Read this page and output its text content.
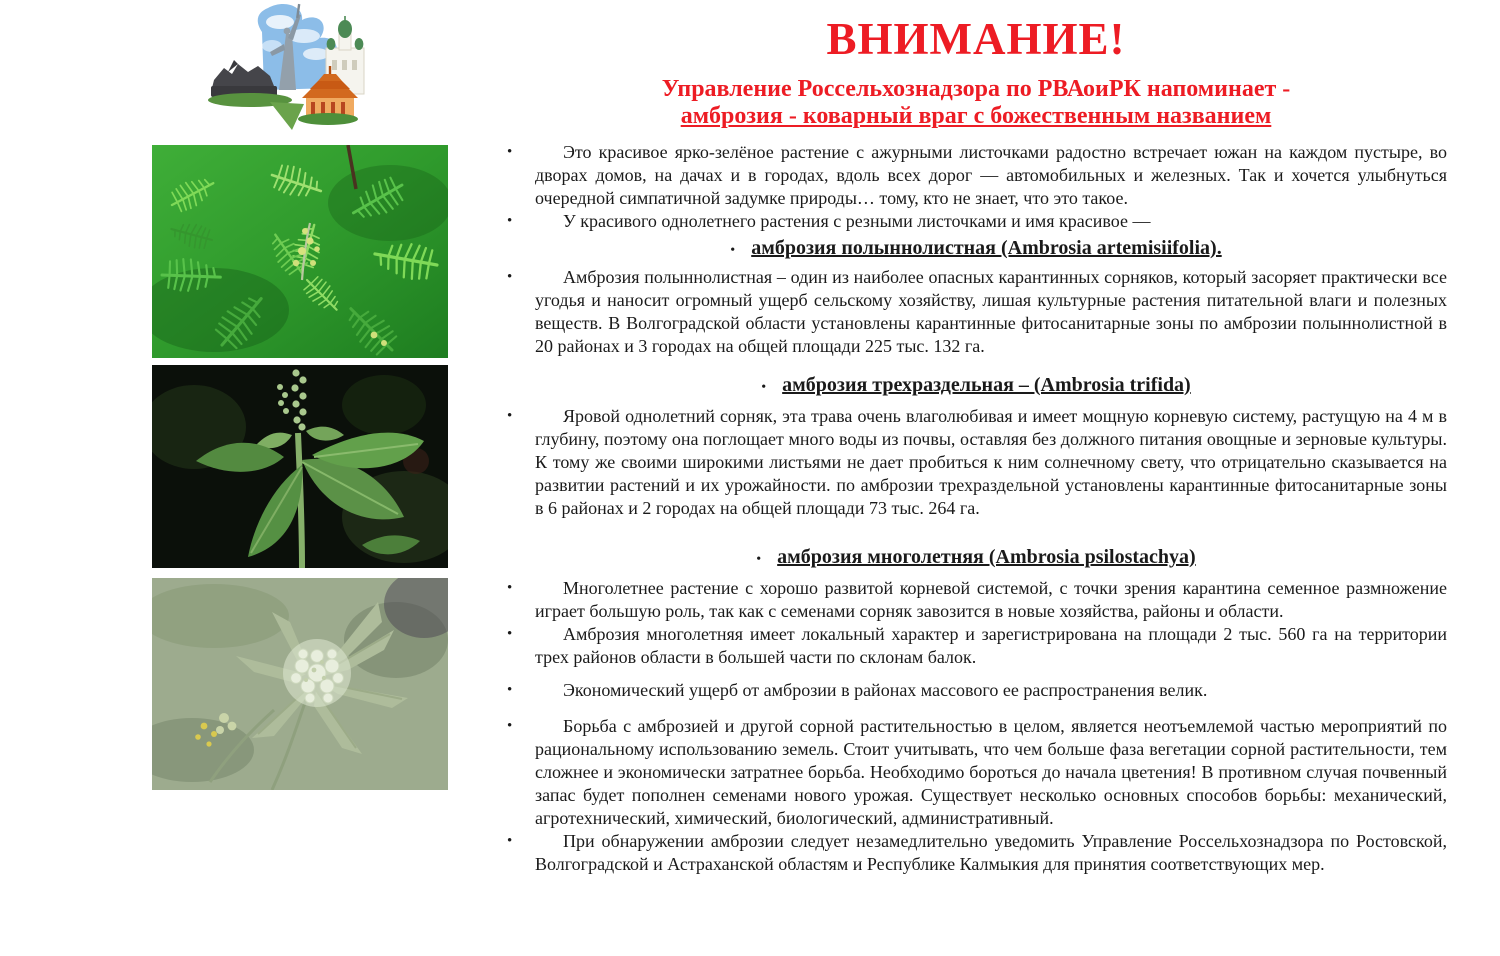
ВНИМАНИЕ!
Управление Россельхознадзора по РВАоиРК напоминает -
амброзия - коварный враг с божественным названием
•	Это красивое ярко-зелёное растение с ажурными листочками радостно встречает южан на каждом пустыре, во дворах домов, на дачах и в городах, вдоль всех дорог — автомобильных и железных. Так и хочется улыбнуться очередной симпатичной задумке природы… тому, кто не знает, что это такое.
•	У красивого однолетнего растения с резными листочками и имя красивое —
• амброзия полыннолистная (Ambrosia artemisiifolia).
•	Амброзия полыннолистная – один из наиболее опасных карантинных сорняков, который засоряет практически все угодья и наносит огромный ущерб сельскому хозяйству, лишая культурные растения питательной влаги и полезных веществ. В Волгоградской области установлены карантинные фитосанитарные зоны по амброзии полыннолистной в 20 районах и 3 городах на общей площади 225 тыс. 132 га.
• амброзия трехраздельная – (Ambrosia trifida)
•	Яровой однолетний сорняк, эта трава очень влаголюбивая и имеет мощную корневую систему, растущую на 4 м в глубину, поэтому она поглощает много воды из почвы, оставляя без должного питания овощные и зерновые культуры. К тому же своими широкими листьями не дает пробиться к ним солнечному свету, что отрицательно сказывается на развитии растений и их урожайности. по амброзии трехраздельной установлены карантинные фитосанитарные зоны в 6 районах и 2 городах на общей площади 73 тыс. 264 га.
• амброзия многолетняя (Ambrosia psilostachya)
•	Многолетнее растение с хорошо развитой корневой системой, с точки зрения карантина семенное размножение играет большую роль, так как с семенами сорняк завозится в новые хозяйства, районы и области.
•	Амброзия многолетняя имеет локальный характер и зарегистрирована на площади 2 тыс. 560 га на территории трех районов области в большей части по склонам балок.
•	Экономический ущерб от амброзии в районах массового ее распространения велик.
•	Борьба с амброзией и другой сорной растительностью в целом, является неотъемлемой частью мероприятий по рациональному использованию земель. Стоит учитывать, что чем больше фаза вегетации сорной растительности, тем сложнее и экономически затратнее борьба. Необходимо бороться до начала цветения! В противном случая почвенный запас будет пополнен семенами нового урожая. Существует несколько основных способов борьбы: механический, агротехнический, химический, биологический, административный.
•	При обнаружении амброзии следует незамедлительно уведомить Управление Россельхознадзора по Ростовской, Волгоградской и Астраханской областям и Республике Калмыкия для принятия соответствующих мер.
